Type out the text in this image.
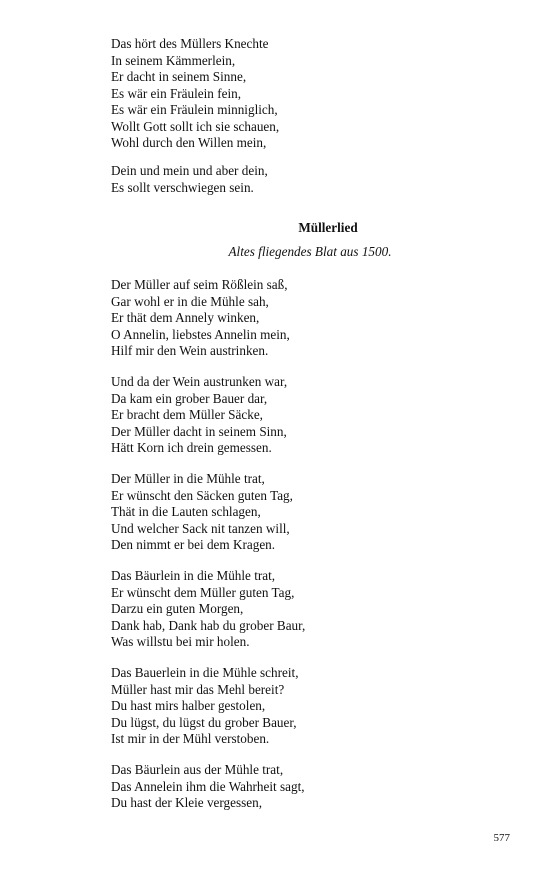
Das hört des Müllers Knechte
In seinem Kämmerlein,
Er dacht in seinem Sinne,
Es wär ein Fräulein fein,
Es wär ein Fräulein minniglich,
Wollt Gott sollt ich sie schauen,
Wohl durch den Willen mein,
Dein und mein und aber dein,
Es sollt verschwiegen sein.
Müllerlied
Altes fliegendes Blat aus 1500.
Der Müller auf seim Rößlein saß,
Gar wohl er in die Mühle sah,
Er thät dem Annely winken,
O Annelin, liebstes Annelin mein,
Hilf mir den Wein austrinken.
Und da der Wein austrunken war,
Da kam ein grober Bauer dar,
Er bracht dem Müller Säcke,
Der Müller dacht in seinem Sinn,
Hätt Korn ich drein gemessen.
Der Müller in die Mühle trat,
Er wünscht den Säcken guten Tag,
Thät in die Lauten schlagen,
Und welcher Sack nit tanzen will,
Den nimmt er bei dem Kragen.
Das Bäurlein in die Mühle trat,
Er wünscht dem Müller guten Tag,
Darzu ein guten Morgen,
Dank hab, Dank hab du grober Baur,
Was willstu bei mir holen.
Das Bauerlein in die Mühle schreit,
Müller hast mir das Mehl bereit?
Du hast mirs halber gestolen,
Du lügst, du lügst du grober Bauer,
Ist mir in der Mühl verstoben.
Das Bäurlein aus der Mühle trat,
Das Annelein ihm die Wahrheit sagt,
Du hast der Kleie vergessen,
577
